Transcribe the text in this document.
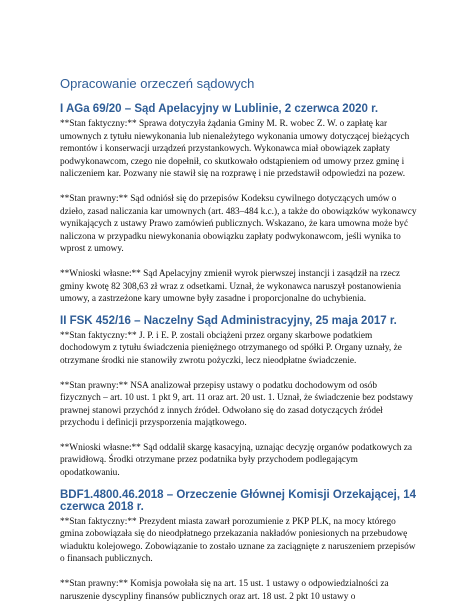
Opracowanie orzeczeń sądowych
I AGa 69/20 – Sąd Apelacyjny w Lublinie, 2 czerwca 2020 r.

**Stan faktyczny:** Sprawa dotyczyła żądania Gminy M. R. wobec Z. W. o zapłatę kar umownych z tytułu niewykonania lub nienależytego wykonania umowy dotyczącej bieżących remontów i konserwacji urządzeń przystankowych. Wykonawca miał obowiązek zapłaty podwykonawcom, czego nie dopełnił, co skutkowało odstąpieniem od umowy przez gminę i naliczeniem kar. Pozwany nie stawił się na rozprawę i nie przedstawił odpowiedzi na pozew.

**Stan prawny:** Sąd odniósł się do przepisów Kodeksu cywilnego dotyczących umów o dzieło, zasad naliczania kar umownych (art. 483–484 k.c.), a także do obowiązków wykonawcy wynikających z ustawy Prawo zamówień publicznych. Wskazano, że kara umowna może być naliczona w przypadku niewykonania obowiązku zapłaty podwykonawcom, jeśli wynika to wprost z umowy.

**Wnioski własne:** Sąd Apelacyjny zmienił wyrok pierwszej instancji i zasądził na rzecz gminy kwotę 82 308,63 zł wraz z odsetkami. Uznał, że wykonawca naruszył postanowienia umowy, a zastrzeżone kary umowne były zasadne i proporcjonalne do uchybienia.

II FSK 452/16 – Naczelny Sąd Administracyjny, 25 maja 2017 r.

**Stan faktyczny:** J. P. i E. P. zostali obciążeni przez organy skarbowe podatkiem dochodowym z tytułu świadczenia pieniężnego otrzymanego od spółki P. Organy uznały, że otrzymane środki nie stanowiły zwrotu pożyczki, lecz nieodpłatne świadczenie.

**Stan prawny:** NSA analizował przepisy ustawy o podatku dochodowym od osób fizycznych – art. 10 ust. 1 pkt 9, art. 11 oraz art. 20 ust. 1. Uznał, że świadczenie bez podstawy prawnej stanowi przychód z innych źródeł. Odwołano się do zasad dotyczących źródeł przychodu i definicji przysporzenia majątkowego.

**Wnioski własne:** Sąd oddalił skargę kasacyjną, uznając decyzję organów podatkowych za prawidłową. Środki otrzymane przez podatnika były przychodem podlegającym opodatkowaniu.

BDF1.4800.46.2018 – Orzeczenie Głównej Komisji Orzekającej, 14 czerwca 2018 r.

**Stan faktyczny:** Prezydent miasta zawarł porozumienie z PKP PLK, na mocy którego gmina zobowiązała się do nieodpłatnego przekazania nakładów poniesionych na przebudowę wiaduktu kolejowego. Zobowiązanie to zostało uznane za zaciągnięte z naruszeniem przepisów o finansach publicznych.

**Stan prawny:** Komisja powołała się na art. 15 ust. 1 ustawy o odpowiedzialności za naruszenie dyscypliny finansów publicznych oraz art. 18 ust. 2 pkt 10 ustawy o
